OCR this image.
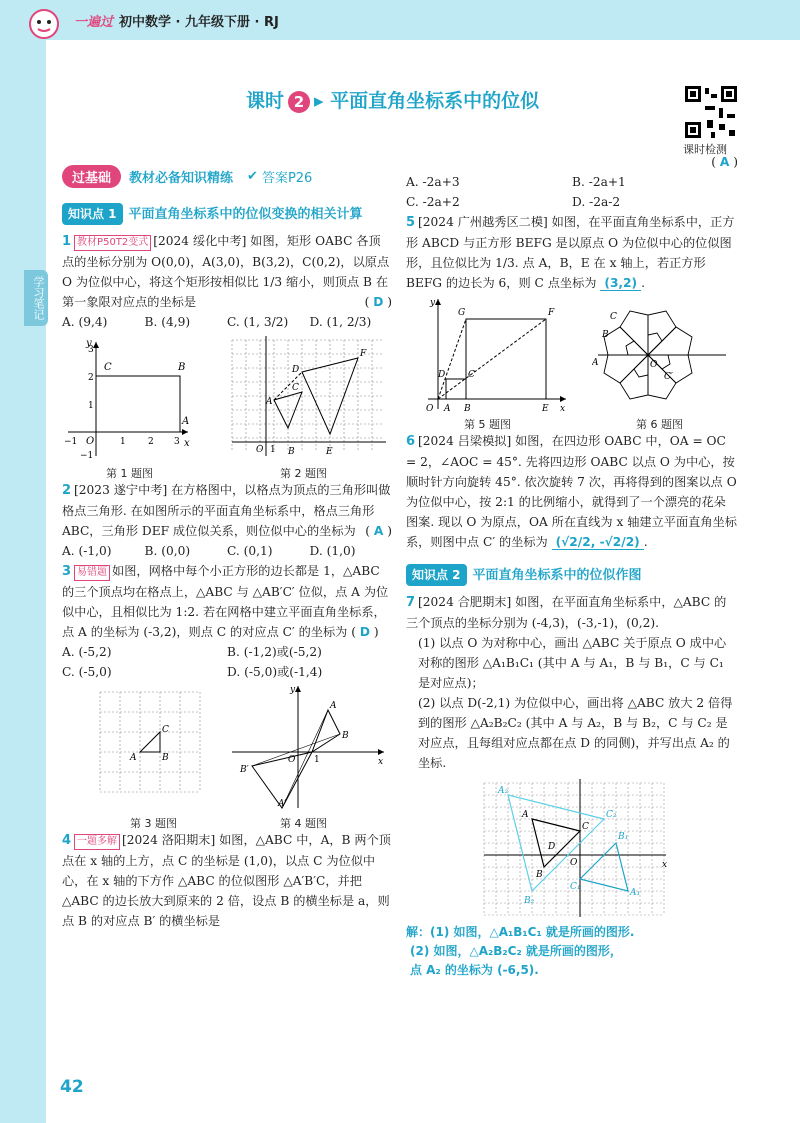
一遍过 初中数学 · 九年级下册 · RJ
学习笔记
课时 2 ▸ 平面直角坐标系中的位似
课时检测
过基础	教材必备知识精练 ✔ 答案P26
知识点 1 平面直角坐标系中的位似变换的相关计算
1 教材P50T2变式 [2024 绥化中考] 如图，矩形 OABC 各顶点的坐标分别为 O(0,0)，A(3,0)，B(3,2)，C(0,2)，以原点 O 为位似中心，将这个矩形按相似比 1/3 缩小，则顶点 B 在第一象限对应点的坐标是	( D )
A. (9,4)	B. (4,9)	C. (1, 3/2)	D. (1, 2/3)
C	B
A
O	x
y
−1	1 2 3
1
2
3
−1
A
C
B
D
F
E
O 1
第 1 题图	第 2 题图
2 [2023 遂宁中考] 在方格图中，以格点为顶点的三角形叫做格点三角形. 在如图所示的平面直角坐标系中，格点三角形 ABC，三角形 DEF 成位似关系，则位似中心的坐标为 ( A )
A. (-1,0)	B. (0,0)	C. (0,1)	D. (1,0)
3 易错题 如图，网格中每个小正方形的边长都是 1，△ABC 的三个顶点均在格点上，△ABC 与 △AB′C′ 位似，点 A 为位似中心，且相似比为 1:2. 若在网格中建立平面直角坐标系，点 A 的坐标为 (-3,2)，则点 C 的对应点 C′ 的坐标为 ( D )
A. (-5,2)	B. (-1,2)或(-5,2)
C. (-5,0)	D. (-5,0)或(-1,4)
A	B
C
A
B
B′
A′
O 1	x
y
第 3 题图	第 4 题图
4 一题多解 [2024 洛阳期末] 如图，△ABC 中，A，B 两个顶点在 x 轴的上方，点 C 的坐标是 (1,0)，以点 C 为位似中心，在 x 轴的下方作 △ABC 的位似图形 △A′B′C，并把 △ABC 的边长放大到原来的 2 倍，设点 B 的横坐标是 a，则点 B 的对应点 B′ 的横坐标是
( A )
A. -2a+3	B. -2a+1
C. -2a+2	D. -2a-2
5 [2024 广州越秀区二模] 如图，在平面直角坐标系中，正方形 ABCD 与正方形 BEFG 是以原点 O 为位似中心的位似图形，且位似比为 1/3. 点 A，B，E 在 x 轴上，若正方形 BEFG 的边长为 6，则 C 点坐标为 (3,2) .
D	C
G	F
A B	E
O	x
y
A
C
B
O
C′
第 5 题图	第 6 题图
6 [2024 吕梁模拟] 如图，在四边形 OABC 中，OA = OC = 2，∠AOC = 45°. 先将四边形 OABC 以点 O 为中心，按顺时针方向旋转 45°. 依次旋转 7 次，再将得到的图案以点 O 为位似中心，按 2:1 的比例缩小，就得到了一个漂亮的花朵图案. 现以 O 为原点，OA 所在直线为 x 轴建立平面直角坐标系，则图中点 C′ 的坐标为 (√2/2, -√2/2) .
知识点 2 平面直角坐标系中的位似作图
7 [2024 合肥期末] 如图，在平面直角坐标系中，△ABC 的三个顶点的坐标分别为 (-4,3)，(-3,-1)，(0,2).
(1) 以点 O 为对称中心，画出 △ABC 关于原点 O 成中心对称的图形 △A₁B₁C₁ (其中 A 与 A₁，B 与 B₁，C 与 C₁ 是对应点)；
(2) 以点 D(-2,1) 为位似中心，画出将 △ABC 放大 2 倍得到的图形 △A₂B₂C₂ (其中 A 与 A₂，B 与 B₂，C 与 C₂ 是对应点，且每组对应点都在点 D 的同侧)，并写出点 A₂ 的坐标.
A
B
C
D
A₂
C₂
B₂
A₁
B₁
C₁
O	x
解：(1) 如图，△A₁B₁C₁ 就是所画的图形.
(2) 如图，△A₂B₂C₂ 就是所画的图形，
点 A₂ 的坐标为 (-6,5).
42
